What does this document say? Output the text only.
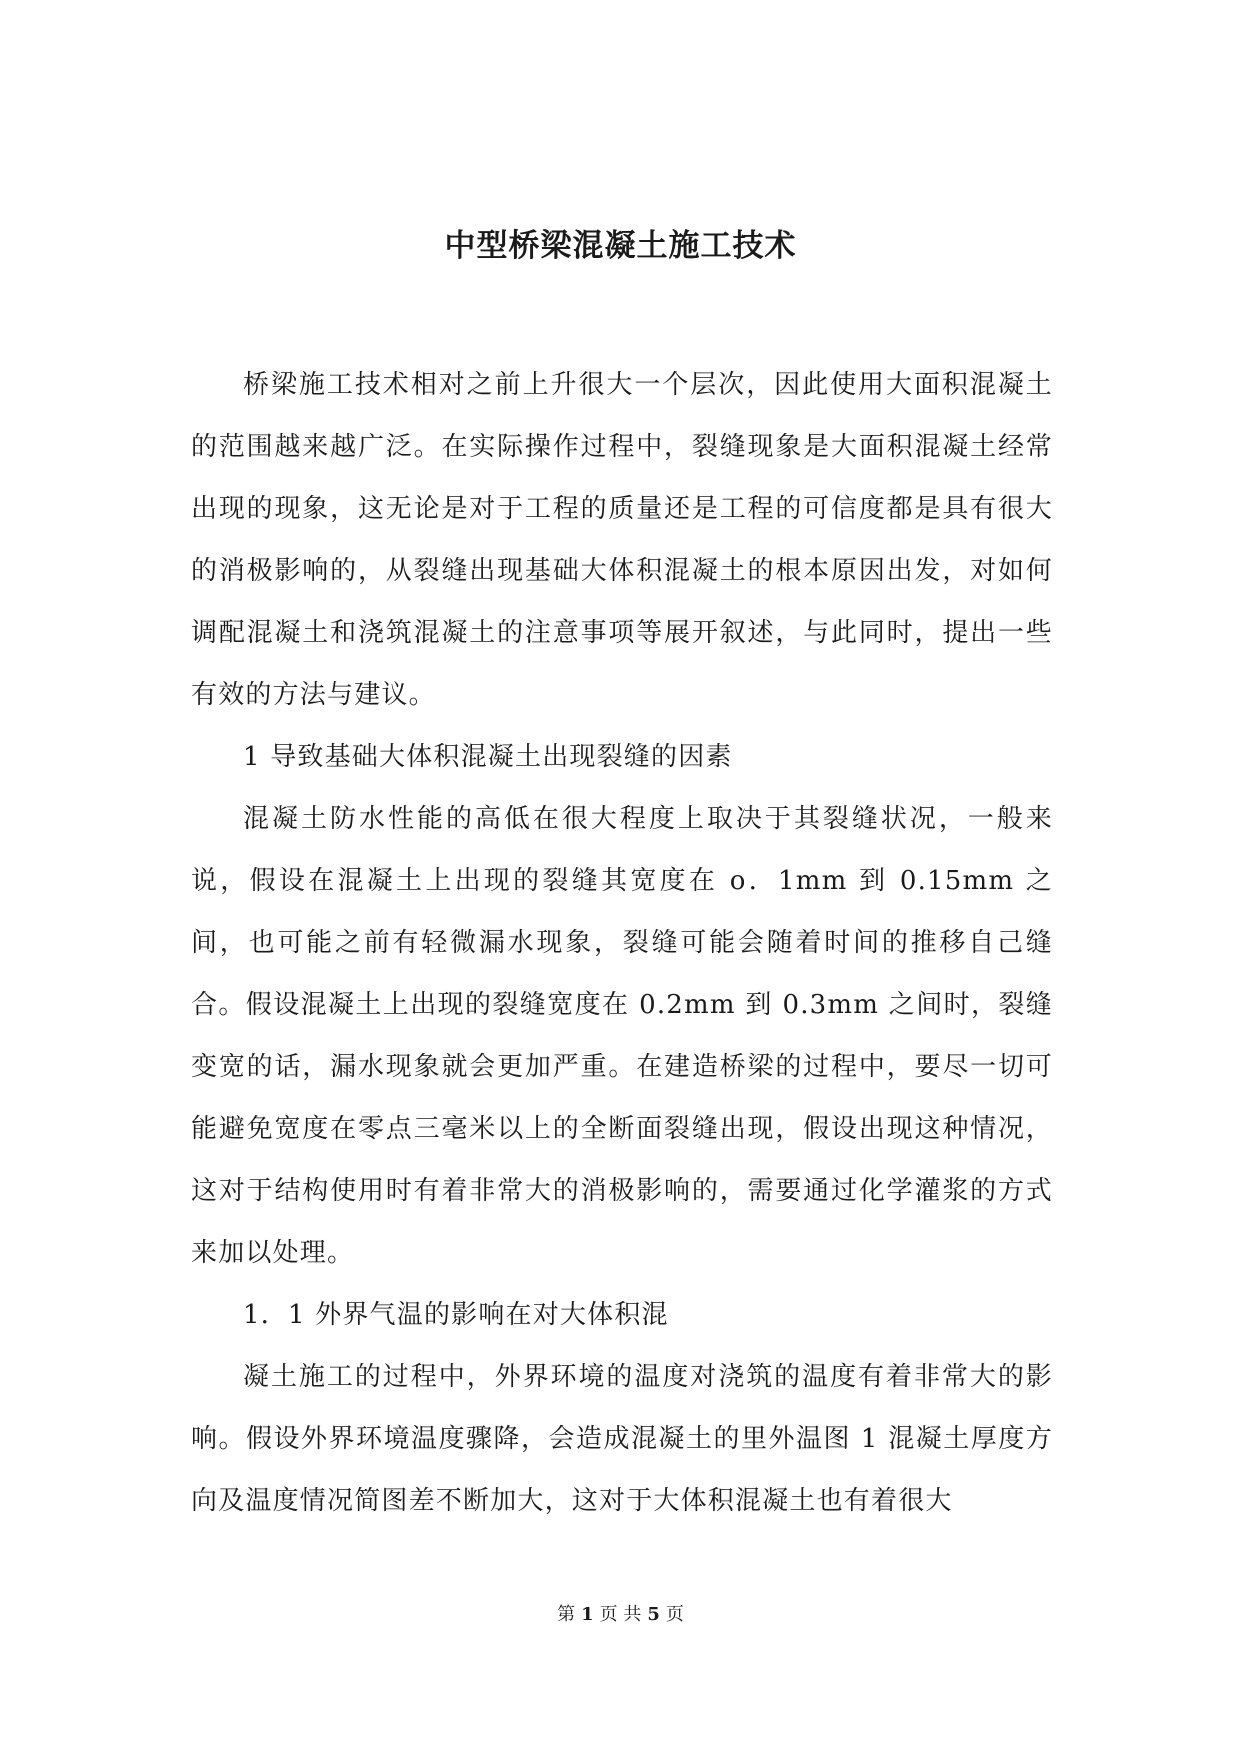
中型桥梁混凝土施工技术

桥梁施工技术相对之前上升很大一个层次，因此使用大面积混凝土的范围越来越广泛。在实际操作过程中，裂缝现象是大面积混凝土经常出现的现象，这无论是对于工程的质量还是工程的可信度都是具有很大的消极影响的，从裂缝出现基础大体积混凝土的根本原因出发，对如何调配混凝土和浇筑混凝土的注意事项等展开叙述，与此同时，提出一些有效的方法与建议。

1 导致基础大体积混凝土出现裂缝的因素

混凝土防水性能的高低在很大程度上取决于其裂缝状况，一般来说，假设在混凝土上出现的裂缝其宽度在 o．1mm 到 0.15mm 之间，也可能之前有轻微漏水现象，裂缝可能会随着时间的推移自己缝合。假设混凝土上出现的裂缝宽度在 0.2mm 到 0.3mm 之间时，裂缝变宽的话，漏水现象就会更加严重。在建造桥梁的过程中，要尽一切可能避免宽度在零点三毫米以上的全断面裂缝出现，假设出现这种情况，这对于结构使用时有着非常大的消极影响的，需要通过化学灌浆的方式来加以处理。

1．1 外界气温的影响在对大体积混

凝土施工的过程中，外界环境的温度对浇筑的温度有着非常大的影响。假设外界环境温度骤降，会造成混凝土的里外温图 1 混凝土厚度方向及温度情况简图差不断加大，这对于大体积混凝土也有着很大

第 1 页 共 5 页
